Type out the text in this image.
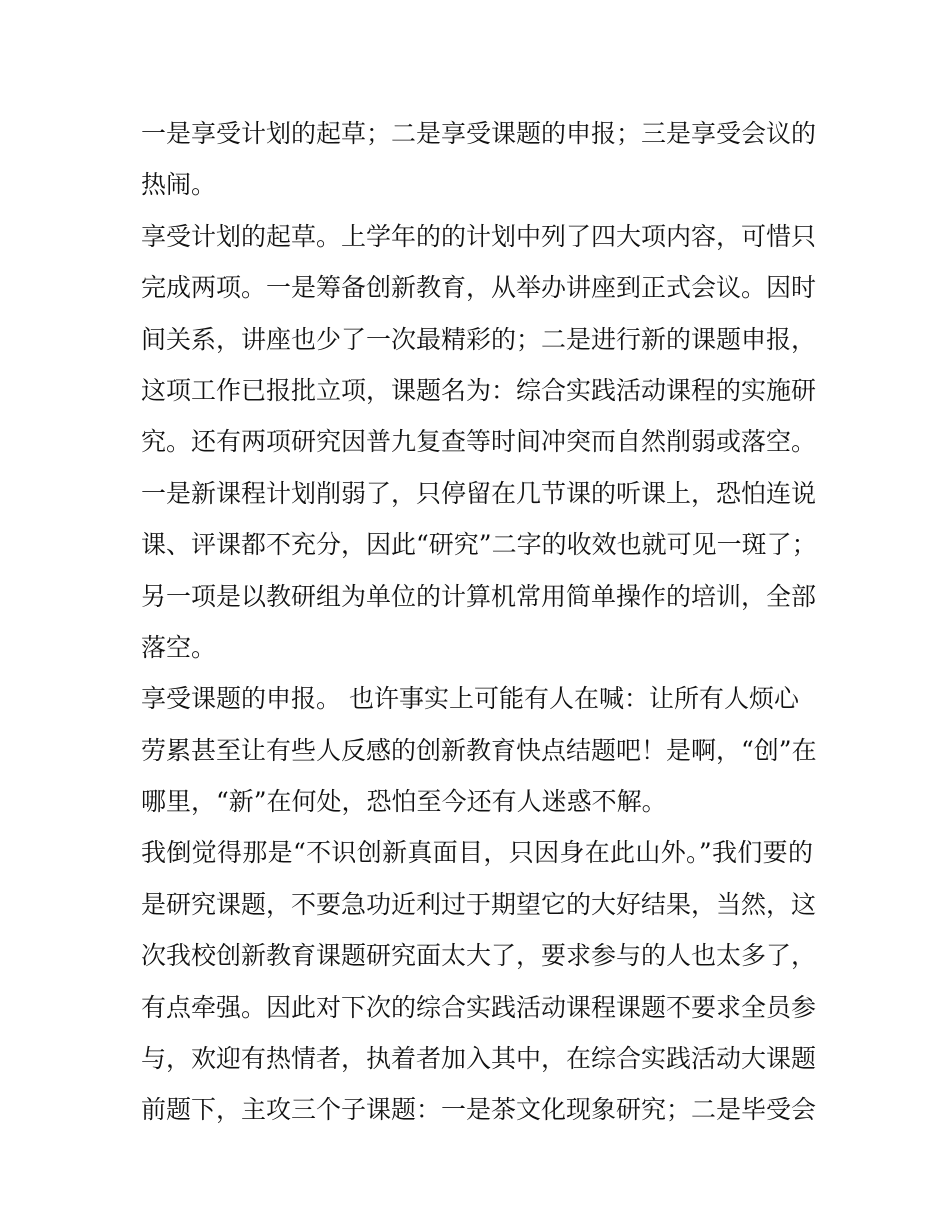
一是享受计划的起草；二是享受课题的申报；三是享受会议的
热闹。
享受计划的起草。上学年的的计划中列了四大项内容，可惜只
完成两项。一是筹备创新教育，从举办讲座到正式会议。因时
间关系，讲座也少了一次最精彩的；二是进行新的课题申报，
这项工作已报批立项，课题名为：综合实践活动课程的实施研
究。还有两项研究因普九复查等时间冲突而自然削弱或落空。
一是新课程计划削弱了，只停留在几节课的听课上，恐怕连说
课、评课都不充分，因此“研究”二字的收效也就可见一斑了；
另一项是以教研组为单位的计算机常用简单操作的培训，全部
落空。
享受课题的申报。 也许事实上可能有人在喊：让所有人烦心
劳累甚至让有些人反感的创新教育快点结题吧！是啊，“创”在
哪里，“新”在何处，恐怕至今还有人迷惑不解。
我倒觉得那是“不识创新真面目，只因身在此山外。”我们要的
是研究课题，不要急功近利过于期望它的大好结果，当然，这
次我校创新教育课题研究面太大了，要求参与的人也太多了，
有点牵强。因此对下次的综合实践活动课程课题不要求全员参
与，欢迎有热情者，执着者加入其中，在综合实践活动大课题
前题下，主攻三个子课题：一是茶文化现象研究；二是毕受会
